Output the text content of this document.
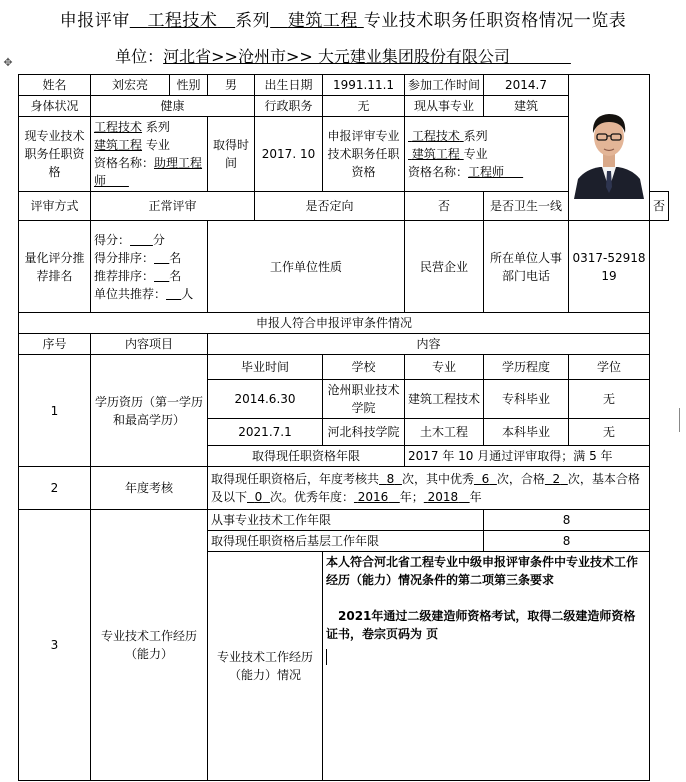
申报评审 工程技术 系列 建筑工程 专业技术职务任职资格情况一览表
单位：河北省>>沧州市>> 大元建业集团股份有限公司
✥
姓名	刘宏亮	性别	男	出生日期	1991.11.1	参加工作时间	2014.7	

身体状况	健康			行政职务	无	现从事专业	建筑		
现专业技术职务任职资格	工程技术 系列
建筑工程 专业
资格名称：助理工程师		取得时间	2017. 10	申报评审专业技术职务任职资格	工程技术 系列
建筑工程 专业
资格名称：工程师			
评审方式	正常评审			是否定向		否	是否卫生一线		否
量化评分推荐排名	得分： 分
得分排序： 名
推荐排序： 名
单位共推荐： 人		工作单位性质			民营企业	所在单位人事部门电话	0317-5291819	
申报人符合申报评审条件情况									
序号	内容项目		内容						
1	学历资历（第一学历和最高学历）		毕业时间		学校	专业	学历程度	学位	
			2014.6.30		沧州职业技术学院	建筑工程技术	专科毕业	无	
			2021.7.1		河北科技学院	土木工程	本科毕业	无	
			取得现任职资格年限			2017 年 10 月通过评审取得；满 5 年			
2	年度考核		取得现任职资格后，年度考核共 8 次，其中优秀 6 次，合格 2 次，基本合格及以下 0 次。优秀年度： 2016 年； 2018 年						
3	专业技术工作经历（能力）		从事专业技术工作年限				8		
			取得现任职资格后基层工作年限				8		
			专业技术工作经历（能力）情况		本人符合河北省工程专业中级申报评审条件中专业技术工作经历（能力）情况条件的第二项第三条要求
2021年通过二级建造师资格考试，取得二级建造师资格证书，卷宗页码为 页				
